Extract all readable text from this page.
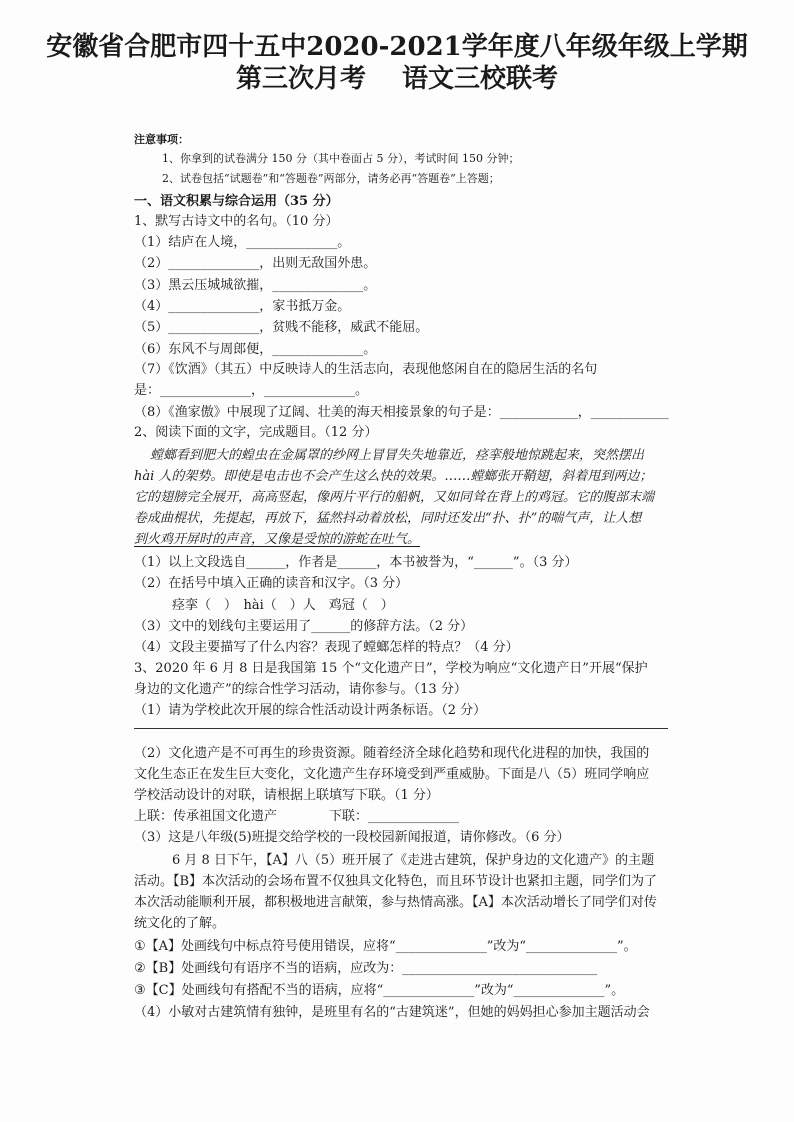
安徽省合肥市四十五中2020-2021学年度八年级年级上学期
第三次月考 语文三校联考
注意事项：
1、你拿到的试卷满分 150 分（其中卷面占 5 分），考试时间 150 分钟；
2、试卷包括“试题卷”和“答题卷”两部分，请务必再“答题卷”上答题；
一、语文积累与综合运用（35 分）
1、默写古诗文中的名句。（10 分）
（1）结庐在人境，______________。
（2）______________，出则无敌国外患。
（3）黑云压城城欲摧，______________。
（4）______________，家书抵万金。
（5）______________，贫贱不能移，威武不能屈。
（6）东风不与周郎便，______________。
（7）《饮酒》（其五）中反映诗人的生活志向，表现他悠闲自在的隐居生活的名句
是：______________，______________。
（8）《渔家傲》中展现了辽阔、壮美的海天相接景象的句子是：____________，____________
2、阅读下面的文字，完成题目。（12 分）
螳螂看到肥大的蝗虫在金属罩的纱网上冒冒失失地靠近，痉挛般地惊跳起来，突然摆出
hài 人的架势。即使是电击也不会产生这么快的效果。……螳螂张开鞘翅，斜着甩到两边；
它的翅膀完全展开，高高竖起，像两片平行的船帆，又如同耸在背上的鸡冠。它的腹部末端
卷成曲棍状，先提起，再放下，猛然抖动着放松，同时还发出“扑、扑”的喘气声，让人想
到火鸡开屏时的声音，又像是受惊的游蛇在吐气。
（1）以上文段选自______，作者是______，本书被誉为，“______”。（3 分）
（2）在括号中填入正确的读音和汉字。（3 分）
痉挛（　）　hài（　）人　鸡冠（　）
（3）文中的划线句主要运用了______的修辞方法。（2 分）
（4）文段主要描写了什么内容？表现了螳螂怎样的特点？（4 分）
3、2020 年 6 月 8 日是我国第 15 个“文化遗产日”，学校为响应“文化遗产日”开展“保护
身边的文化遗产”的综合性学习活动，请你参与。（13 分）
（1）请为学校此次开展的综合性活动设计两条标语。（2 分）
（2）文化遗产是不可再生的珍贵资源。随着经济全球化趋势和现代化进程的加快，我国的
文化生态正在发生巨大变化，文化遗产生存环境受到严重威胁。下面是八（5）班同学响应
学校活动设计的对联，请根据上联填写下联。（1 分）
上联：传承祖国文化遗产　　　　下联：______________
（3）这是八年级(5)班提交给学校的一段校园新闻报道，请你修改。（6 分）
6 月 8 日下午，【A】八（5）班开展了《走进古建筑，保护身边的文化遗产》的主题
活动。【B】本次活动的会场布置不仅独具文化特色，而且环节设计也紧扣主题，同学们为了
本次活动能顺利开展，都积极地进言献策，参与热情高涨。【A】本次活动增长了同学们对传
统文化的了解。
①【A】处画线句中标点符号使用错误，应将“______________”改为“______________”。
②【B】处画线句有语序不当的语病，应改为：______________________________
③【C】处画线句有搭配不当的语病，应将“______________”改为“______________”。
（4）小敏对古建筑情有独钟，是班里有名的“古建筑迷”，但她的妈妈担心参加主题活动会
